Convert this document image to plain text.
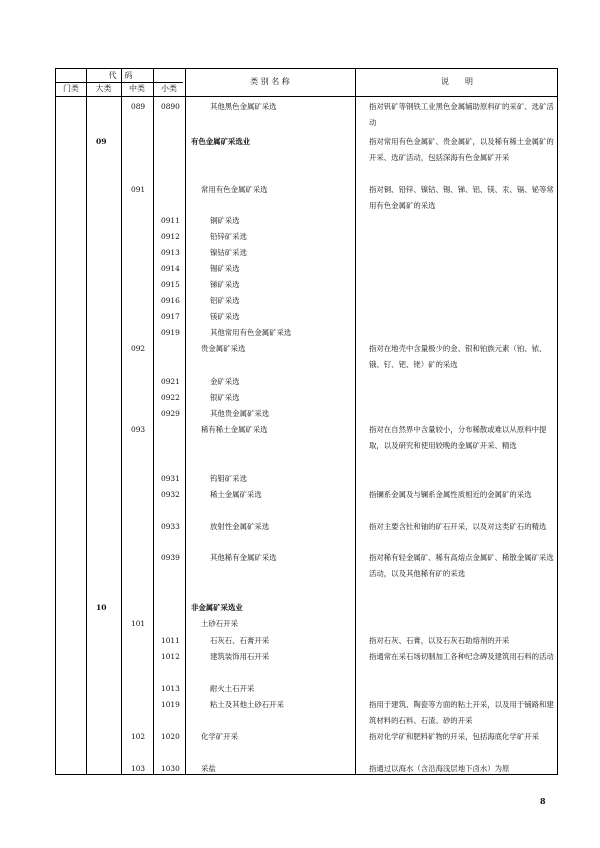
代　码
门类	大类	中类	小类
类 别 名 称	说　　明
089 0890	其他黑色金属矿采选	指对钒矿等钢铁工业黑色金属辅助原料矿的采矿、选矿活动
09	有色金属矿采选业	指对常用有色金属矿、贵金属矿，以及稀有稀土金属矿的开采、选矿活动，包括深海有色金属矿开采
091	常用有色金属矿采选	指对铜、铅锌、镍钴、锡、锑、铝、镁、汞、镉、铋等常用有色金属矿的采选
0911	铜矿采选
0912	铅锌矿采选
0913	镍钴矿采选
0914	锡矿采选
0915	锑矿采选
0916	铝矿采选
0917	镁矿采选
0919	其他常用有色金属矿采选
092	贵金属矿采选	指对在地壳中含量极少的金、银和铂族元素（铂、铱、锇、钌、钯、铑）矿的采选
0921	金矿采选
0922	银矿采选
0929	其他贵金属矿采选
093	稀有稀土金属矿采选	指对在自然界中含量较小，分布稀散或难以从原料中提取，以及研究和使用较晚的金属矿开采、精选
0931	钨钼矿采选
0932	稀土金属矿采选	指镧系金属及与镧系金属性质相近的金属矿的采选
0933	放射性金属矿采选	指对主要含钍和铀的矿石开采，以及对这类矿石的精选
0939	其他稀有金属矿采选	指对稀有轻金属矿、稀有高熔点金属矿、稀散金属矿采选活动，以及其他稀有矿的采选
10	非金属矿采选业
101	土砂石开采
1011	石灰石、石膏开采	指对石灰、石膏，以及石灰石助熔剂的开采
1012	建筑装饰用石开采	指通常在采石场切制加工各种纪念碑及建筑用石料的活动
1013	耐火土石开采
1019	粘土及其他土砂石开采	指用于建筑、陶瓷等方面的粘土开采，以及用于铺路和建筑材料的石料、石渣、砂的开采
102 1020	化学矿开采	指对化学矿和肥料矿物的开采，包括海底化学矿开采
103 1030	采盐	指通过以海水（含沿海浅层地下卤水）为原
8
